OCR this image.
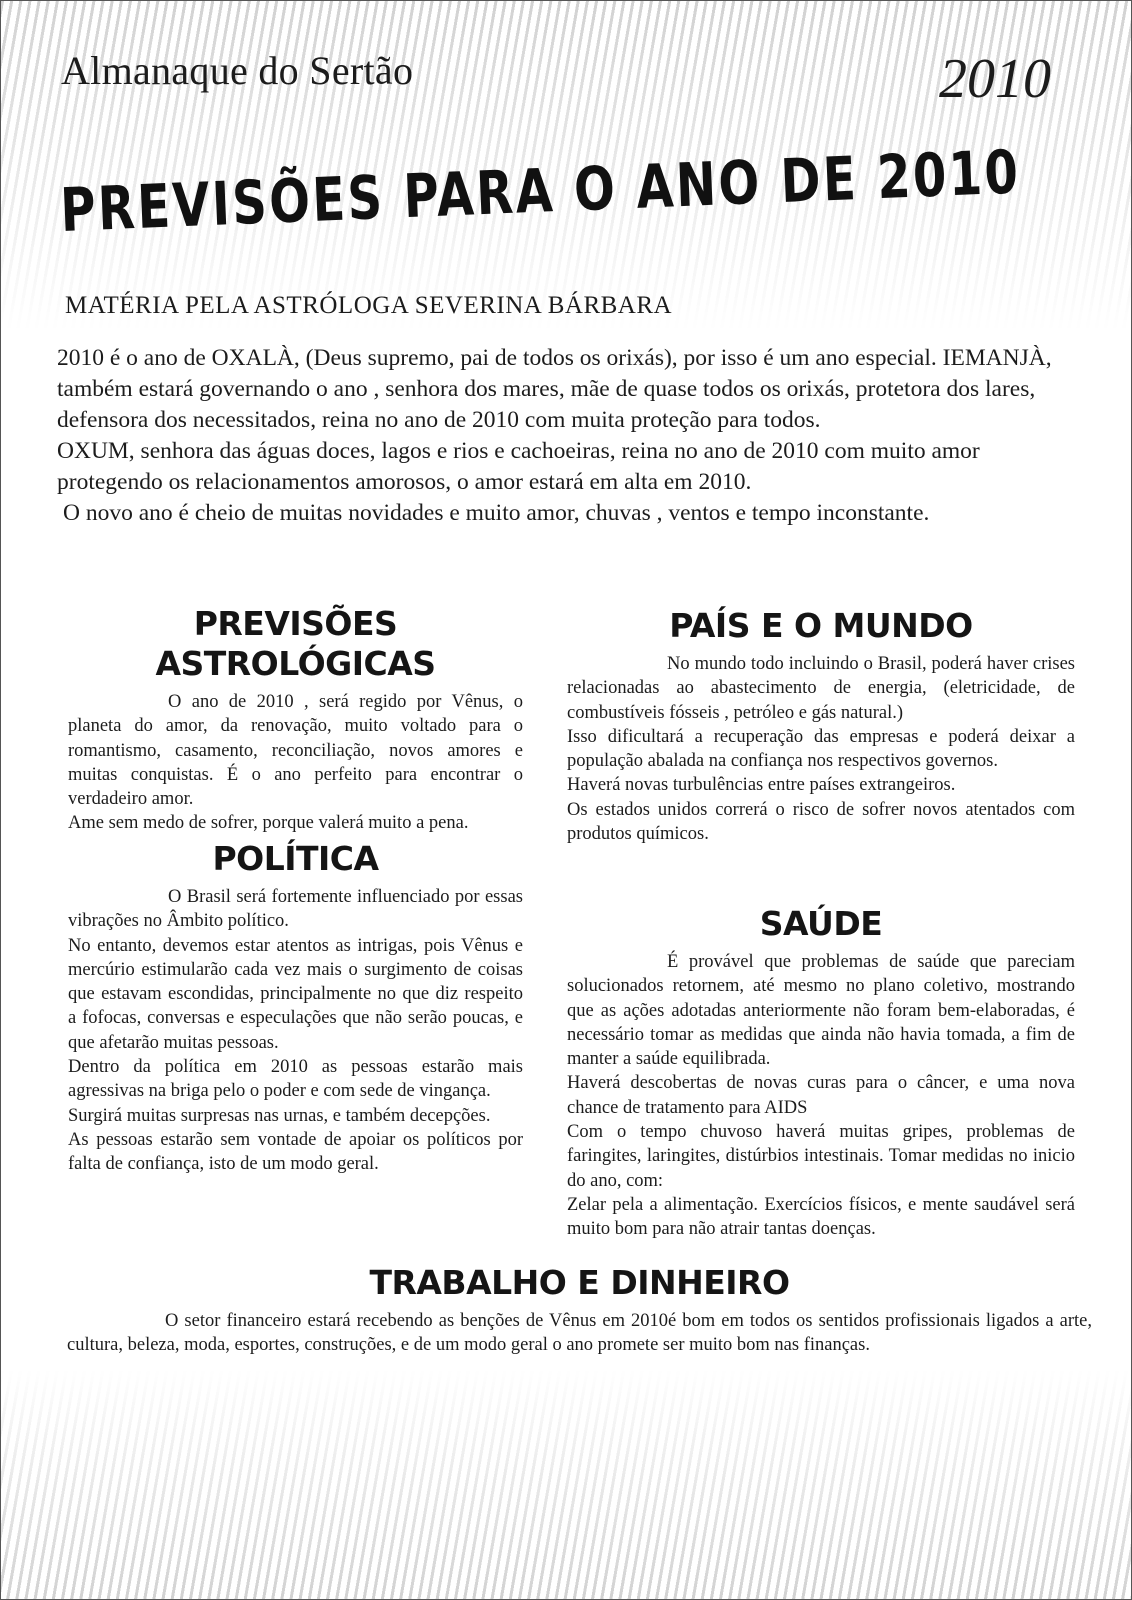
Almanaque do Sertão	2010
PREVISÕES PARA O ANO DE 2010
MATÉRIA PELA ASTRÓLOGA SEVERINA BÁRBARA

2010 é o ano de OXALÀ, (Deus supremo, pai de todos os orixás), por isso é um ano especial. IEMANJÀ, também estará governando o ano , senhora dos mares, mãe de quase todos os orixás, protetora dos lares, defensora dos necessitados, reina no ano de 2010 com muita proteção para todos.

OXUM, senhora das águas doces, lagos e rios e cachoeiras, reina no ano de 2010 com muito amor protegendo os relacionamentos amorosos, o amor estará em alta em 2010.

O novo ano é cheio de muitas novidades e muito amor, chuvas , ventos e tempo inconstante.

PREVISÕES ASTROLÓGICAS

O ano de 2010 , será regido por Vênus, o planeta do amor, da renovação, muito voltado para o romantismo, casamento, reconciliação, novos amores e muitas conquistas. É o ano perfeito para encontrar o verdadeiro amor.

Ame sem medo de sofrer, porque valerá muito a pena.

POLÍTICA

O Brasil será fortemente influenciado por essas vibrações no Âmbito político.

No entanto, devemos estar atentos as intrigas, pois Vênus e mercúrio estimularão cada vez mais o surgimento de coisas que estavam escondidas, principalmente no que diz respeito a fofocas, conversas e especulações que não serão poucas, e que afetarão muitas pessoas.

Dentro da política em 2010 as pessoas estarão mais agressivas na briga pelo o poder e com sede de vingança.

Surgirá muitas surpresas nas urnas, e também decepções.

As pessoas estarão sem vontade de apoiar os políticos por falta de confiança, isto de um modo geral.

PAÍS E O MUNDO

No mundo todo incluindo o Brasil, poderá haver crises relacionadas ao abastecimento de energia, (eletricidade, de combustíveis fósseis , petróleo e gás natural.)

Isso dificultará a recuperação das empresas e poderá deixar a população abalada na confiança nos respectivos governos.

Haverá novas turbulências entre países extrangeiros.

Os estados unidos correrá o risco de sofrer novos atentados com produtos químicos.

SAÚDE

É provável que problemas de saúde que pareciam solucionados retornem, até mesmo no plano coletivo, mostrando que as ações adotadas anteriormente não foram bem-elaboradas, é necessário tomar as medidas que ainda não havia tomada, a fim de manter a saúde equilibrada.

Haverá descobertas de novas curas para o câncer, e uma nova chance de tratamento para AIDS

Com o tempo chuvoso haverá muitas gripes, problemas de faringites, laringites, distúrbios intestinais. Tomar medidas no inicio do ano, com:

Zelar pela a alimentação. Exercícios físicos, e mente saudável será muito bom para não atrair tantas doenças.

TRABALHO E DINHEIRO

O setor financeiro estará recebendo as benções de Vênus em 2010é bom em todos os sentidos profissionais ligados a arte, cultura, beleza, moda, esportes, construções, e de um modo geral o ano promete ser muito bom nas finanças.
